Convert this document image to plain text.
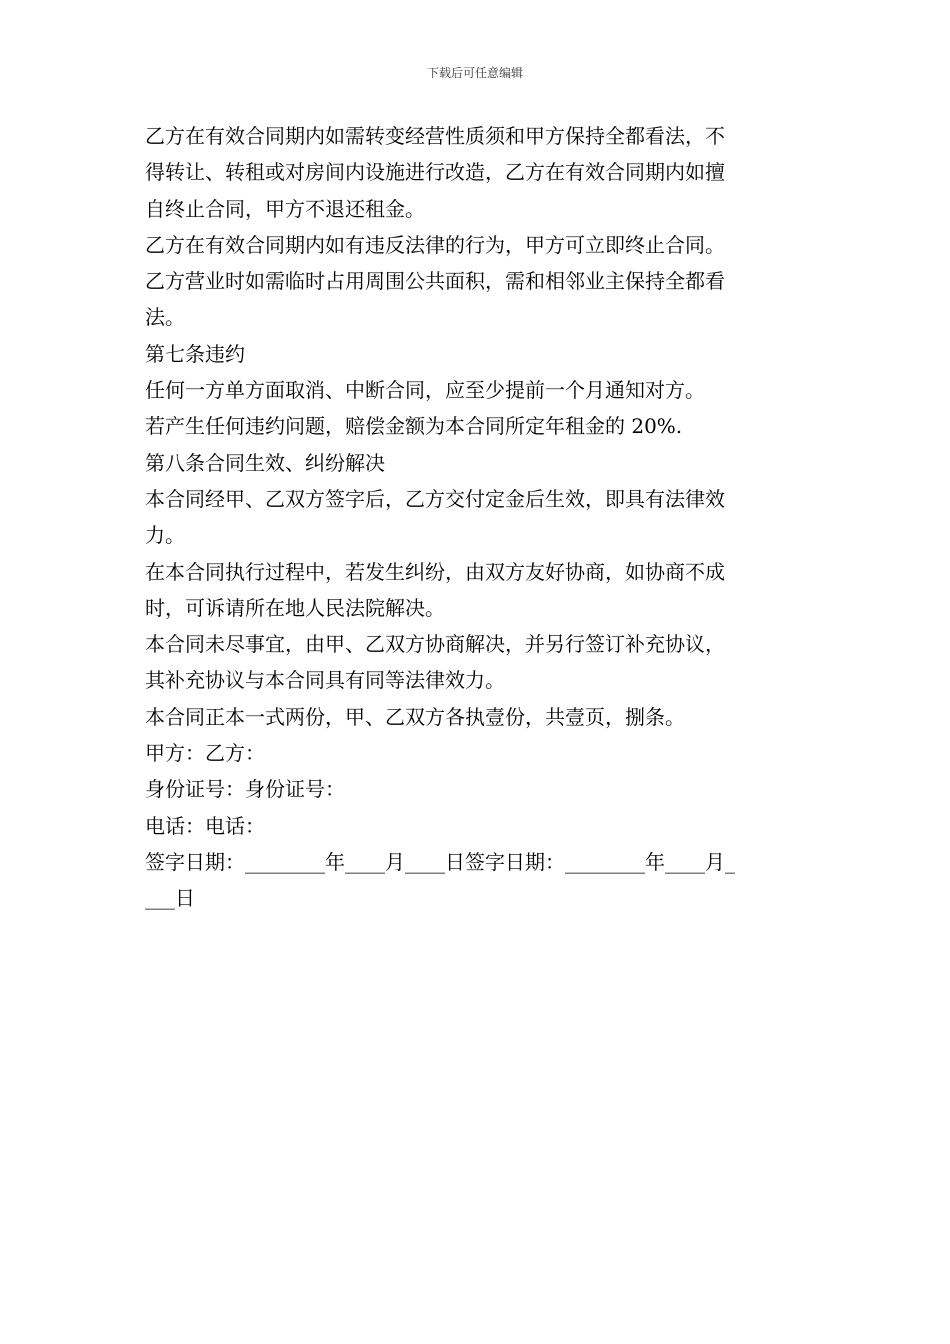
下载后可任意编辑

乙方在有效合同期内如需转变经营性质须和甲方保持全都看法，不

得转让、转租或对房间内设施进行改造，乙方在有效合同期内如擅

自终止合同，甲方不退还租金。

乙方在有效合同期内如有违反法律的行为，甲方可立即终止合同。

乙方营业时如需临时占用周围公共面积，需和相邻业主保持全都看

法。

第七条违约

任何一方单方面取消、中断合同，应至少提前一个月通知对方。

若产生任何违约问题，赔偿金额为本合同所定年租金的 20%.

第八条合同生效、纠纷解决

本合同经甲、乙双方签字后，乙方交付定金后生效，即具有法律效

力。

在本合同执行过程中，若发生纠纷，由双方友好协商，如协商不成

时，可诉请所在地人民法院解决。

本合同未尽事宜，由甲、乙双方协商解决，并另行签订补充协议，

其补充协议与本合同具有同等法律效力。

本合同正本一式两份，甲、乙双方各执壹份，共壹页，捌条。

甲方：乙方：

身份证号：身份证号：

电话：电话：

签字日期：________年____月____日签字日期：________年____月_

___日
